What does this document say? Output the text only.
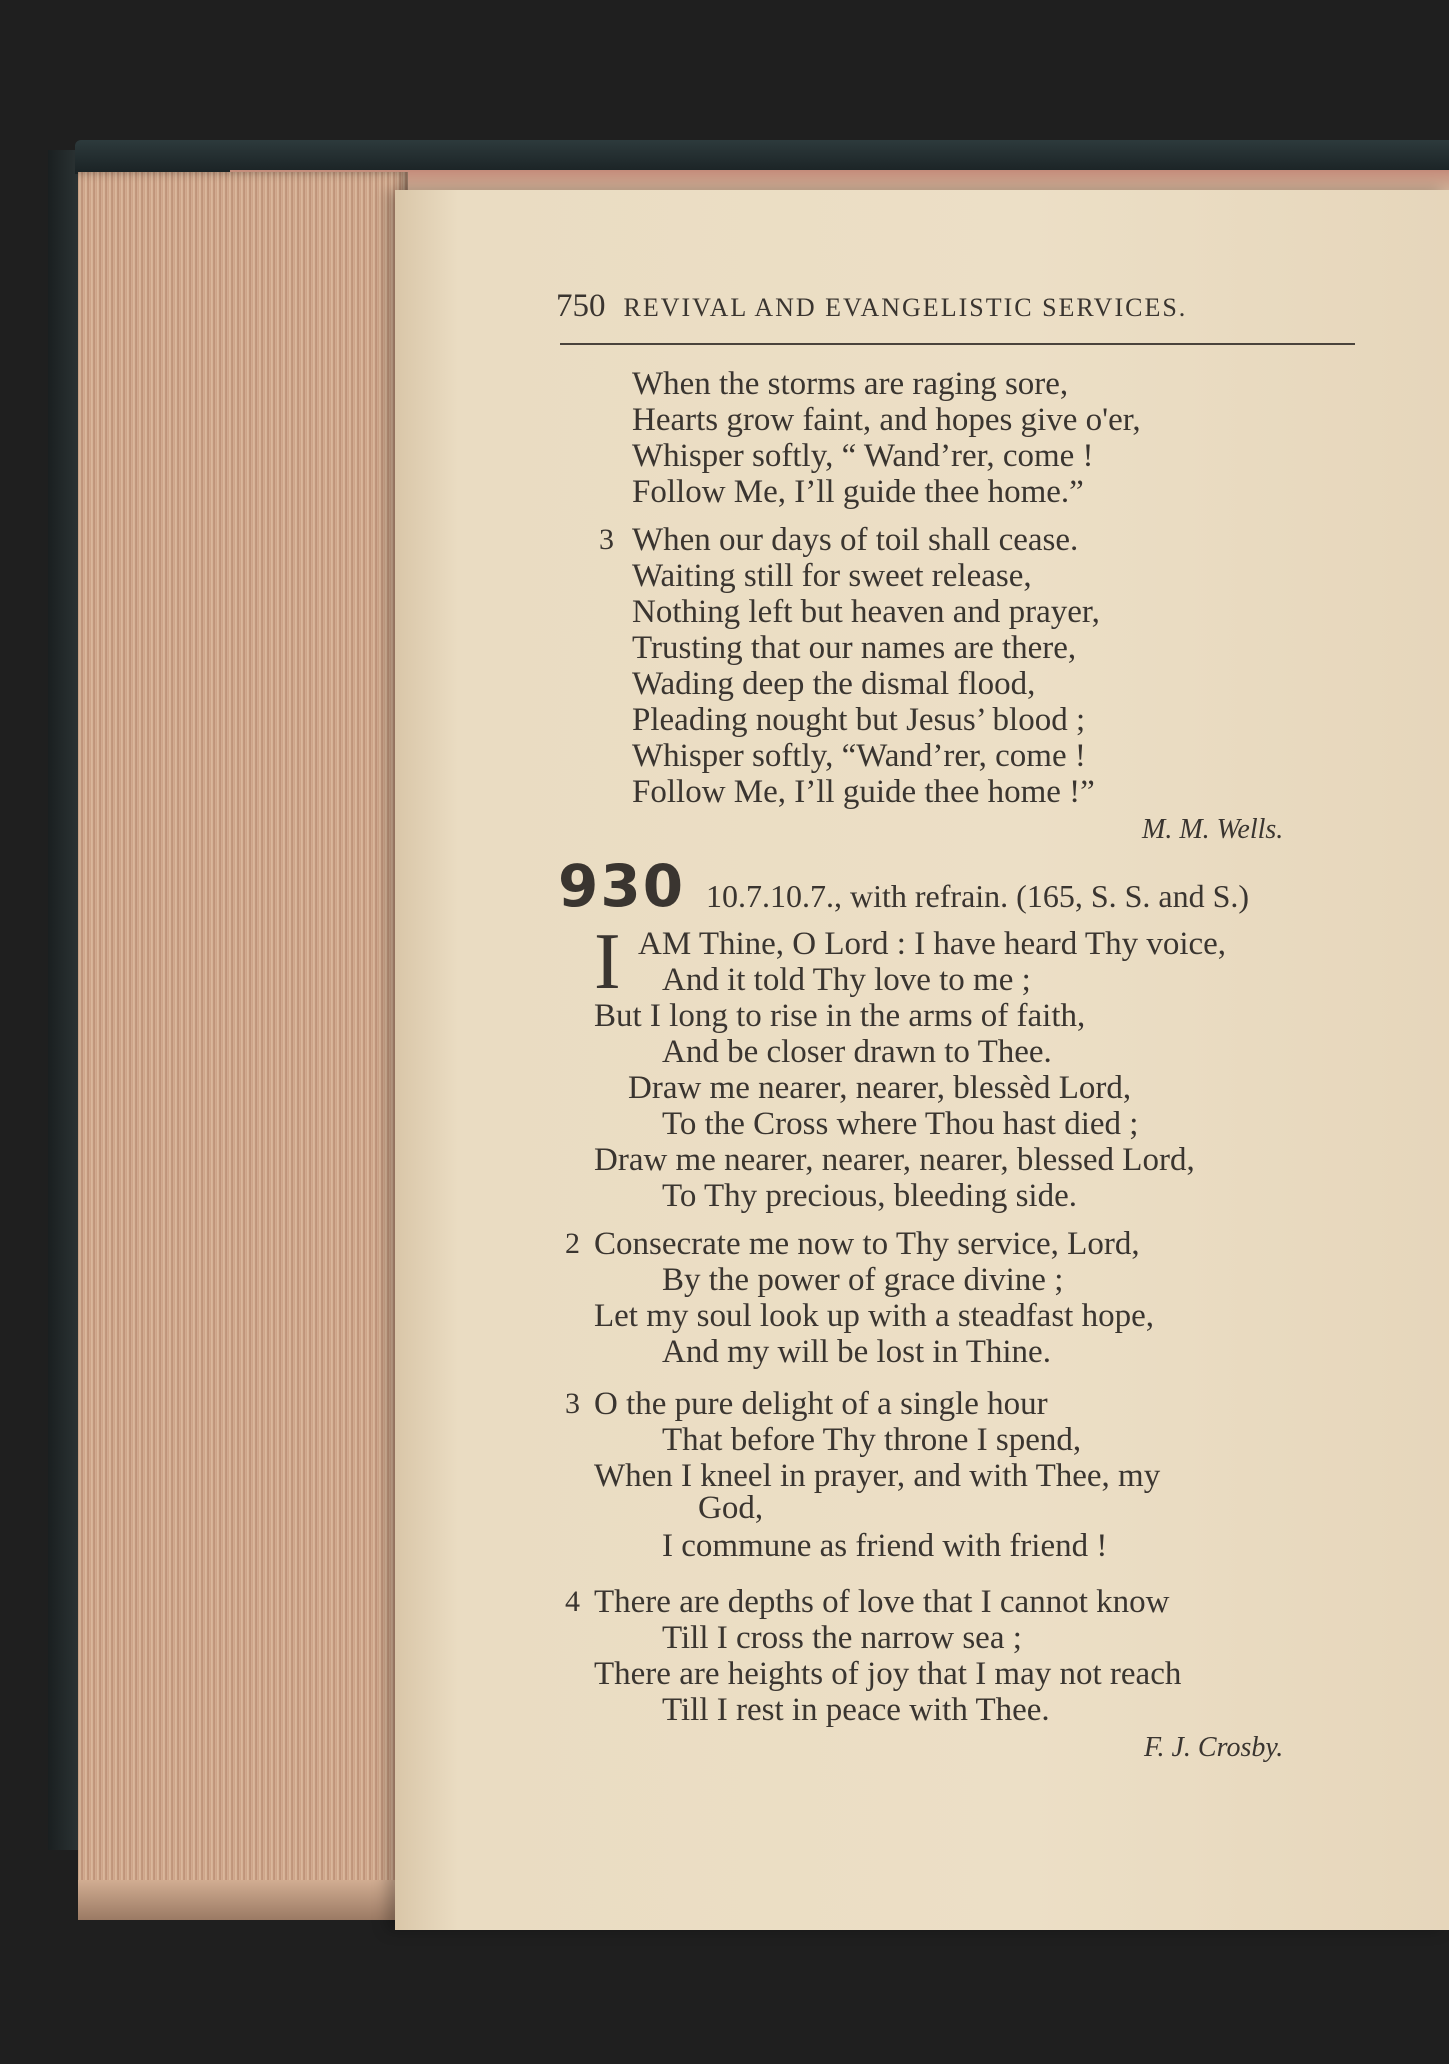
750 REVIVAL AND EVANGELISTIC SERVICES.
When the storms are raging sore,
Hearts grow faint, and hopes give o'er,
Whisper softly, “ Wand’rer, come !
Follow Me, I’ll guide thee home.”
3 When our days of toil shall cease.
Waiting still for sweet release,
Nothing left but heaven and prayer,
Trusting that our names are there,
Wading deep the dismal flood,
Pleading nought but Jesus’ blood ;
Whisper softly, “Wand’rer, come !
Follow Me, I’ll guide thee home !”
M. M. Wells.
930 10.7.10.7., with refrain. (165, S. S. and S.)
I AM Thine, O Lord : I have heard Thy voice,
And it told Thy love to me ;
But I long to rise in the arms of faith,
And be closer drawn to Thee.
Draw me nearer, nearer, blessèd Lord,
To the Cross where Thou hast died ;
Draw me nearer, nearer, nearer, blessed Lord,
To Thy precious, bleeding side.
2 Consecrate me now to Thy service, Lord,
By the power of grace divine ;
Let my soul look up with a steadfast hope,
And my will be lost in Thine.
3 O the pure delight of a single hour
That before Thy throne I spend,
When I kneel in prayer, and with Thee, my
God,
I commune as friend with friend !
4 There are depths of love that I cannot know
Till I cross the narrow sea ;
There are heights of joy that I may not reach
Till I rest in peace with Thee.
F. J. Crosby.
